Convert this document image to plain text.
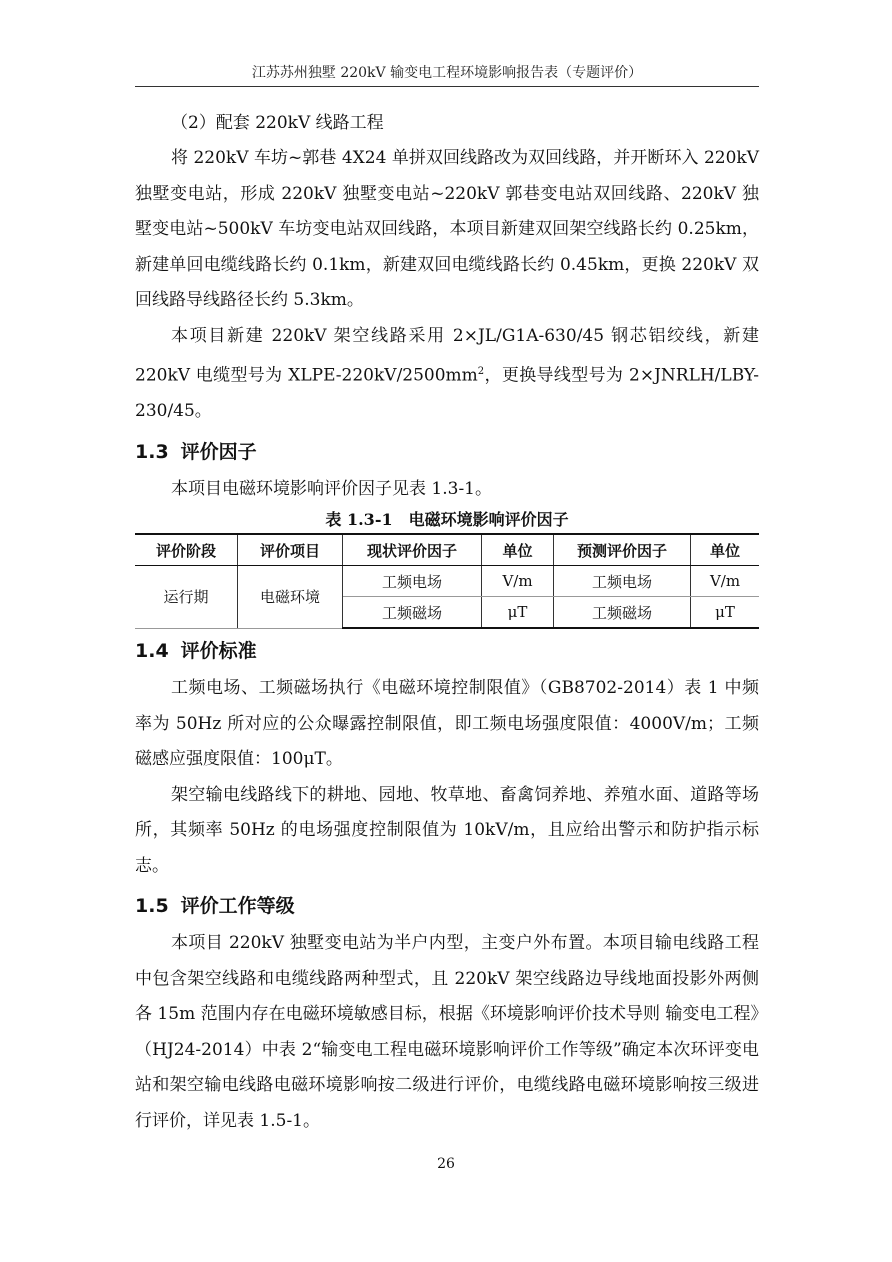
江苏苏州独墅 220kV 输变电工程环境影响报告表（专题评价）

（2）配套 220kV 线路工程

将 220kV 车坊~郭巷 4X24 单拼双回线路改为双回线路，并开断环入 220kV 独墅变电站，形成 220kV 独墅变电站~220kV 郭巷变电站双回线路、220kV 独墅变电站~500kV 车坊变电站双回线路，本项目新建双回架空线路长约 0.25km，新建单回电缆线路长约 0.1km，新建双回电缆线路长约 0.45km，更换 220kV 双回线路导线路径长约 5.3km。

本项目新建 220kV 架空线路采用 2×JL/G1A-630/45 钢芯铝绞线，新建 220kV 电缆型号为 XLPE-$220kV/2500mm^2$，更换导线型号为 2×JNRLH/LBY-230/45。

1.3 评价因子

本项目电磁环境影响评价因子见表 1.3-1。

表 1.3-1　电磁环境影响评价因子

评价阶段	评价项目	现状评价因子	单位	预测评价因子	单位
运行期	电磁环境	工频电场	V/m	工频电场	V/m
		工频磁场	μT	工频磁场	μT
1.4 评价标准

工频电场、工频磁场执行《电磁环境控制限值》（GB8702-2014）表 1 中频率为 50Hz 所对应的公众曝露控制限值，即工频电场强度限值：4000V/m；工频磁感应强度限值：100μT。

架空输电线路线下的耕地、园地、牧草地、畜禽饲养地、养殖水面、道路等场所，其频率 50Hz 的电场强度控制限值为 10kV/m，且应给出警示和防护指示标志。

1.5 评价工作等级

本项目 220kV 独墅变电站为半户内型，主变户外布置。本项目输电线路工程中包含架空线路和电缆线路两种型式，且 220kV 架空线路边导线地面投影外两侧各 15m 范围内存在电磁环境敏感目标，根据《环境影响评价技术导则 输变电工程》（HJ24-2014）中表 2“输变电工程电磁环境影响评价工作等级”确定本次环评变电站和架空输电线路电磁环境影响按二级进行评价，电缆线路电磁环境影响按三级进行评价，详见表 1.5-1。

26
